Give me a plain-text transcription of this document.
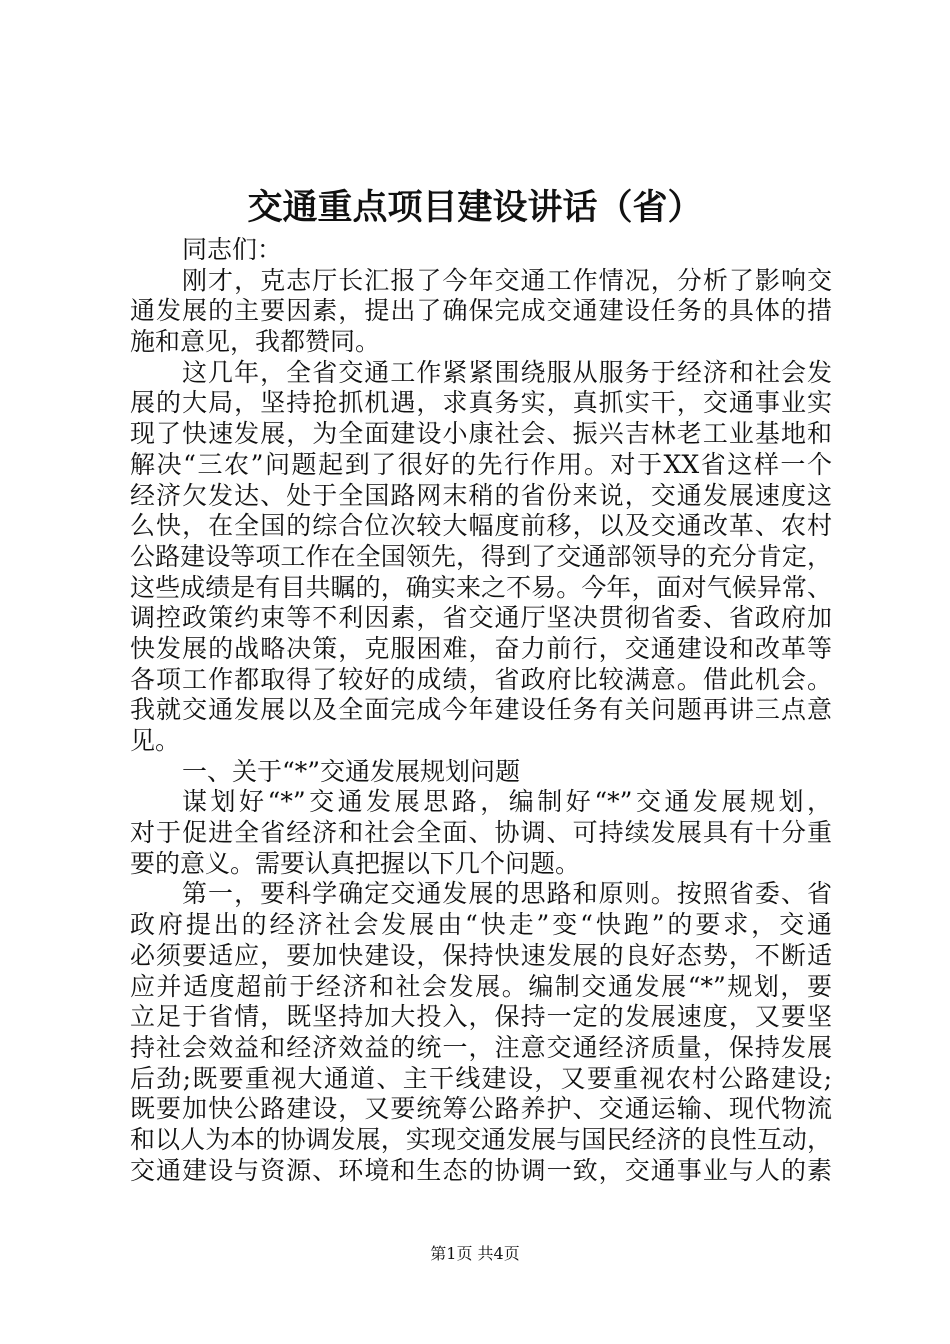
交通重点项目建设讲话（省）
同志们：
刚才，克志厅长汇报了今年交通工作情况，分析了影响交
通发展的主要因素，提出了确保完成交通建设任务的具体的措
施和意见，我都赞同。
这几年，全省交通工作紧紧围绕服从服务于经济和社会发
展的大局，坚持抢抓机遇，求真务实，真抓实干，交通事业实
现了快速发展，为全面建设小康社会、振兴吉林老工业基地和
解决“三农”问题起到了很好的先行作用。对于XX省这样一个
经济欠发达、处于全国路网末稍的省份来说，交通发展速度这
么快，在全国的综合位次较大幅度前移，以及交通改革、农村
公路建设等项工作在全国领先，得到了交通部领导的充分肯定，
这些成绩是有目共瞩的，确实来之不易。今年，面对气候异常、
调控政策约束等不利因素，省交通厅坚决贯彻省委、省政府加
快发展的战略决策，克服困难，奋力前行，交通建设和改革等
各项工作都取得了较好的成绩，省政府比较满意。借此机会。
我就交通发展以及全面完成今年建设任务有关问题再讲三点意
见。
一、关于“*”交通发展规划问题
谋划好“*”交通发展思路，编制好“*”交通发展规划，
对于促进全省经济和社会全面、协调、可持续发展具有十分重
要的意义。需要认真把握以下几个问题。
第一，要科学确定交通发展的思路和原则。按照省委、省
政府提出的经济社会发展由“快走”变“快跑”的要求，交通
必须要适应，要加快建设，保持快速发展的良好态势，不断适
应并适度超前于经济和社会发展。编制交通发展“*”规划，要
立足于省情，既坚持加大投入，保持一定的发展速度，又要坚
持社会效益和经济效益的统一，注意交通经济质量，保持发展
后劲;既要重视大通道、主干线建设，又要重视农村公路建设;
既要加快公路建设，又要统筹公路养护、交通运输、现代物流
和以人为本的协调发展，实现交通发展与国民经济的良性互动，
交通建设与资源、环境和生态的协调一致，交通事业与人的素
第1页 共4页
